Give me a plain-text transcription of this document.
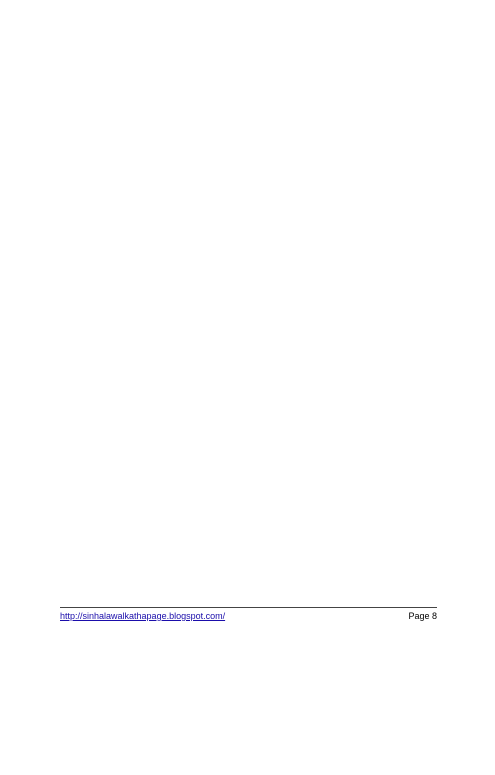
http://sinhalawalkathapage.blogspot.com/	Page 8
